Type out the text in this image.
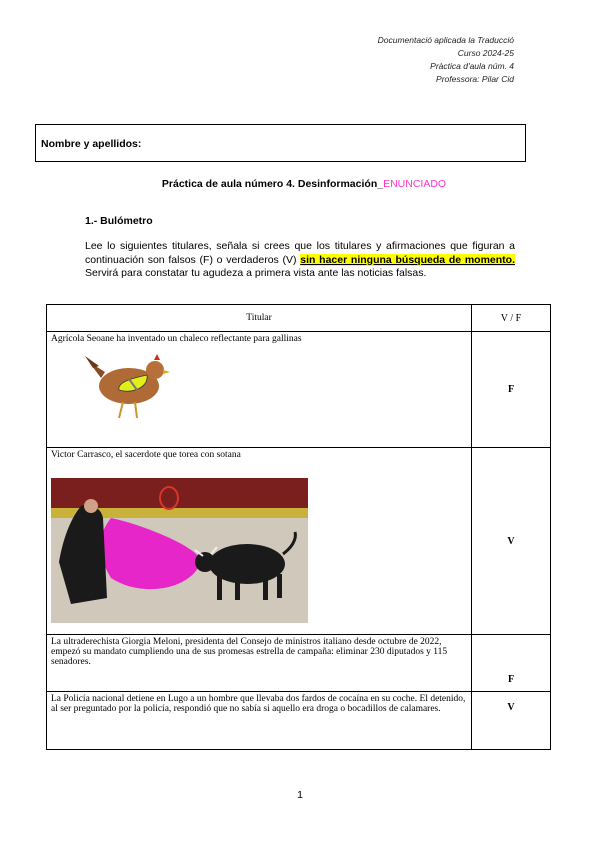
Documentació aplicada la Traducció
Curso 2024-25
Pràctica d'aula núm. 4
Professora: Pilar Cid
Nombre y apellidos:
Práctica de aula número 4. Desinformación_ENUNCIADO
1.- Bulómetro
Lee lo siguientes titulares, señala si crees que los titulares y afirmaciones que figuran a continuación son falsos (F) o verdaderos (V) sin hacer ninguna búsqueda de momento. Servirá para constatar tu agudeza a primera vista ante las noticias falsas.
Titular	V / F

Agrícola Seoane ha inventado un chaleco reflectante para gallinas	F

Victor Carrasco, el sacerdote que torea con sotana	V
La ultraderechista Giorgia Meloni, presidenta del Consejo de ministros italiano desde octubre de 2022, empezó su mandato cumpliendo una de sus promesas estrella de campaña: eliminar 230 diputados y 115 senadores.	F
La Policía nacional detiene en Lugo a un hombre que llevaba dos fardos de cocaína en su coche. El detenido, al ser preguntado por la policía, respondió que no sabía si aquello era droga o bocadillos de calamares.	V
1
